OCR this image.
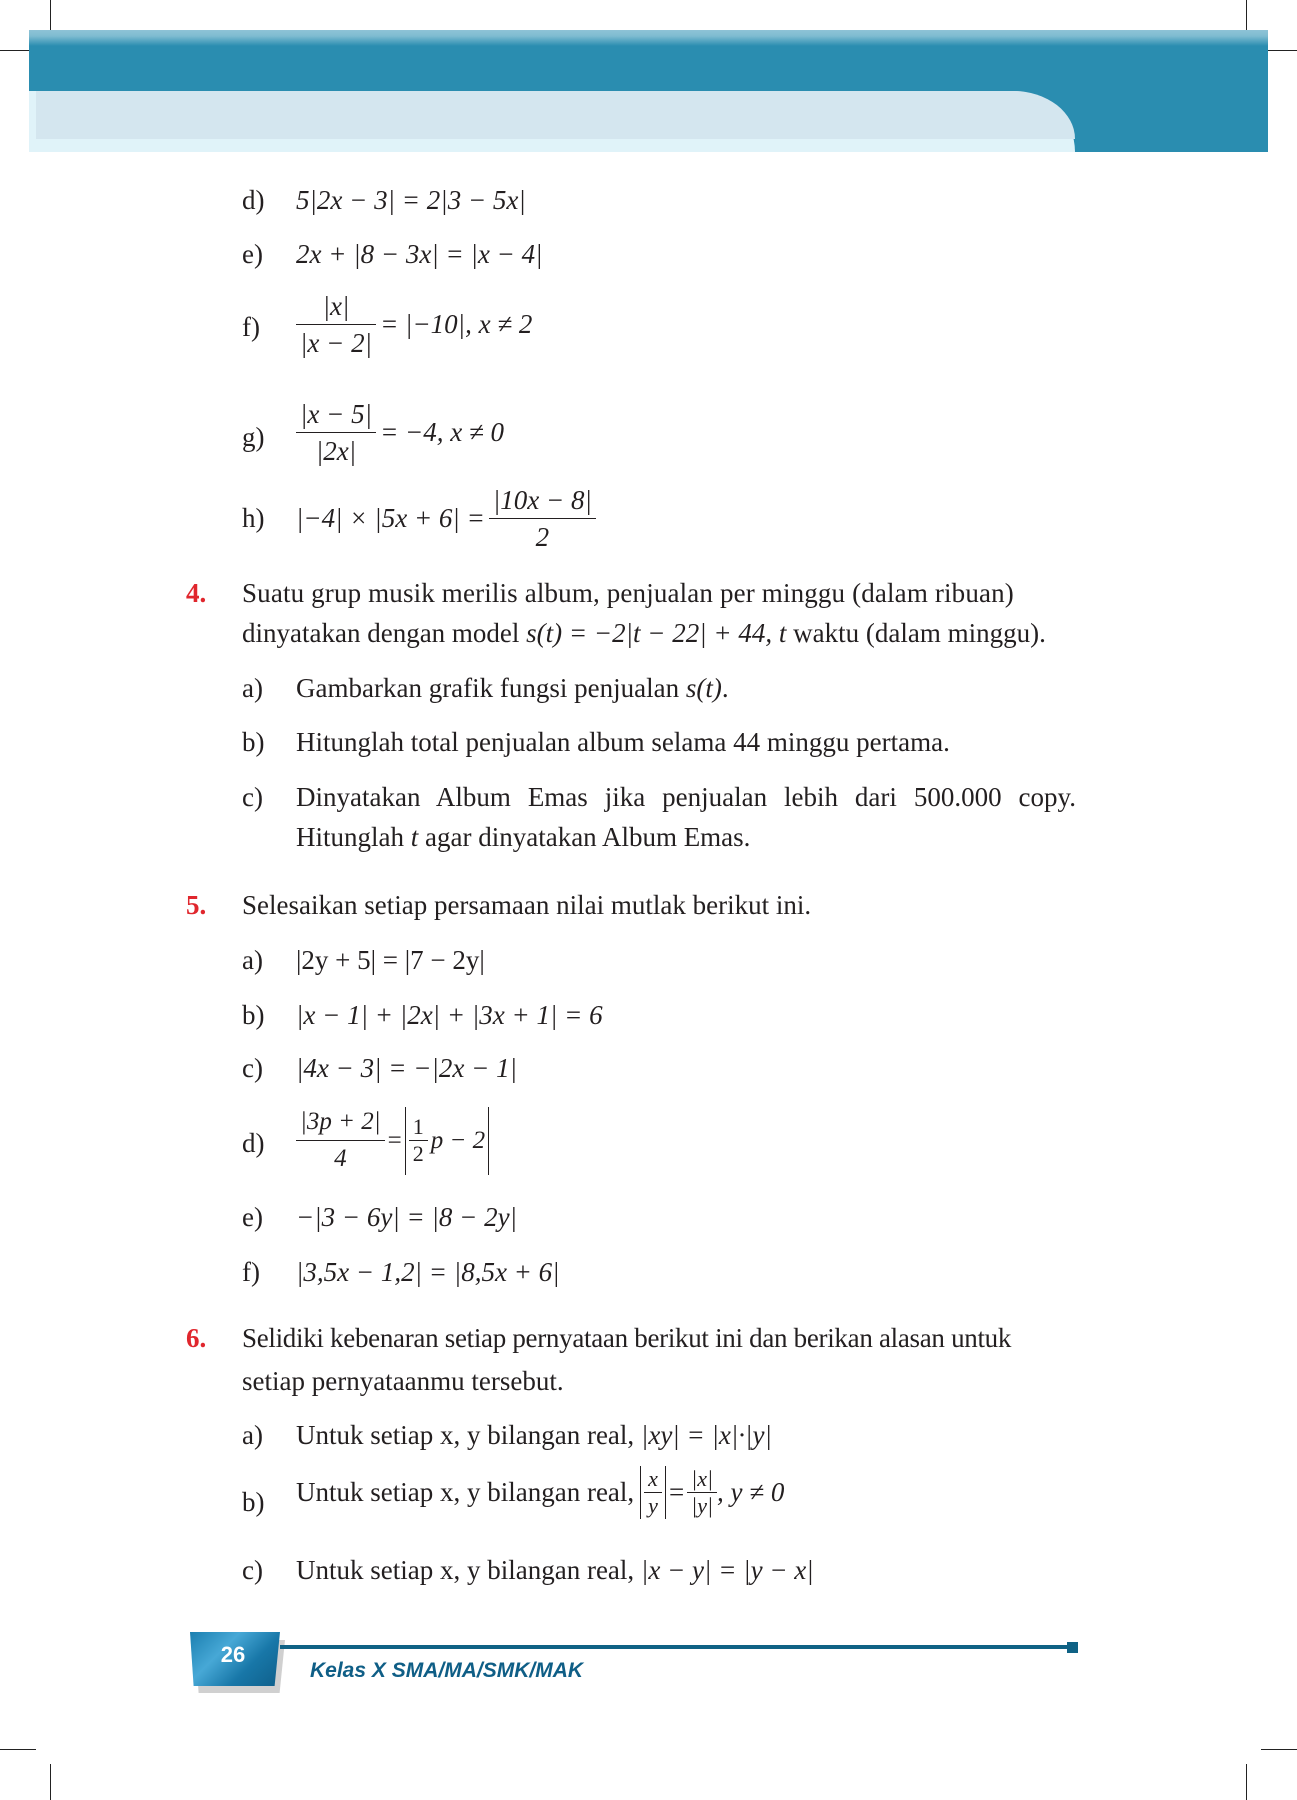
d) 5|2x − 3| = 2|3 − 5x|
e) 2x + |8 − 3x| = |x − 4|
$f) \frac{|x|}{|x - 2|} = |-10|$, x ≠ 2
$g) \frac{|x - 5|}{|2x|} = -4$, x ≠ 0
h) $|-4| \times |5x + 6| = \frac{|10x - 8|}{2}$
4. Suatu grup musik merilis album, penjualan per minggu (dalam ribuan)
dinyatakan dengan model s(t) = −2|t − 22| + 44, t waktu (dalam minggu).
a) Gambarkan grafik fungsi penjualan s(t).
b) Hitunglah total penjualan album selama 44 minggu pertama.
c) Dinyatakan Album Emas jika penjualan lebih dari 500.000 copy.
Hitunglah t agar dinyatakan Album Emas.
5. Selesaikan setiap persamaan nilai mutlak berikut ini.
a) |2y + 5| = |7 − 2y|
b) |x − 1| + |2x| + |3x + 1| = 6
c) |4x − 3| = −|2x − 1|
$d) \frac{|3p + 2|}{4} = \frac{1}{2}$ p − 2
e) −|3 − 6y| = |8 − 2y|
f) |3,5x − 1,2| = |8,5x + 6|
6. Selidiki kebenaran setiap pernyataan berikut ini dan berikan alasan untuk
setiap pernyataanmu tersebut.
a) Untuk setiap x, y bilangan real, |xy| = |x|·|y|
b) Untuk setiap x, y bilangan real, $\frac{x}{y} = \frac{|x|}{|y|}$ , y ≠ 0
c) Untuk setiap x, y bilangan real, |x − y| = |y − x|
26
Kelas X SMA/MA/SMK/MAK
